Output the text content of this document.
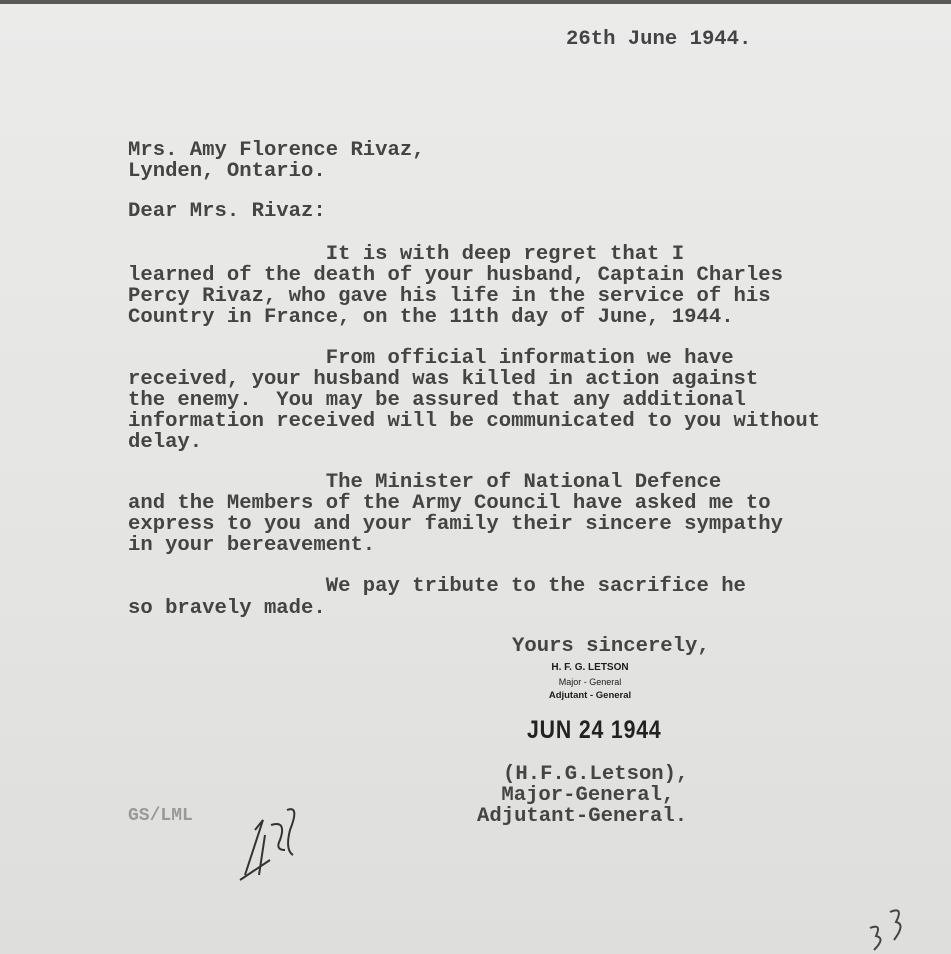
26th June 1944.
Mrs. Amy Florence Rivaz,
Lynden, Ontario.
Dear Mrs. Rivaz:
It is with deep regret that I
learned of the death of your husband, Captain Charles
Percy Rivaz, who gave his life in the service of his
Country in France, on the 11th day of June, 1944.
From official information we have
received, your husband was killed in action against
the enemy.  You may be assured that any additional
information received will be communicated to you without
delay.
The Minister of National Defence
and the Members of the Army Council have asked me to
express to you and your family their sincere sympathy
in your bereavement.
We pay tribute to the sacrifice he
so bravely made.
Yours sincerely,
H. F. G. LETSON
Major - General
Adjutant - General
JUN 24 1944
(H.F.G.Letson),
Major-General,
Adjutant-General.
GS/LML
